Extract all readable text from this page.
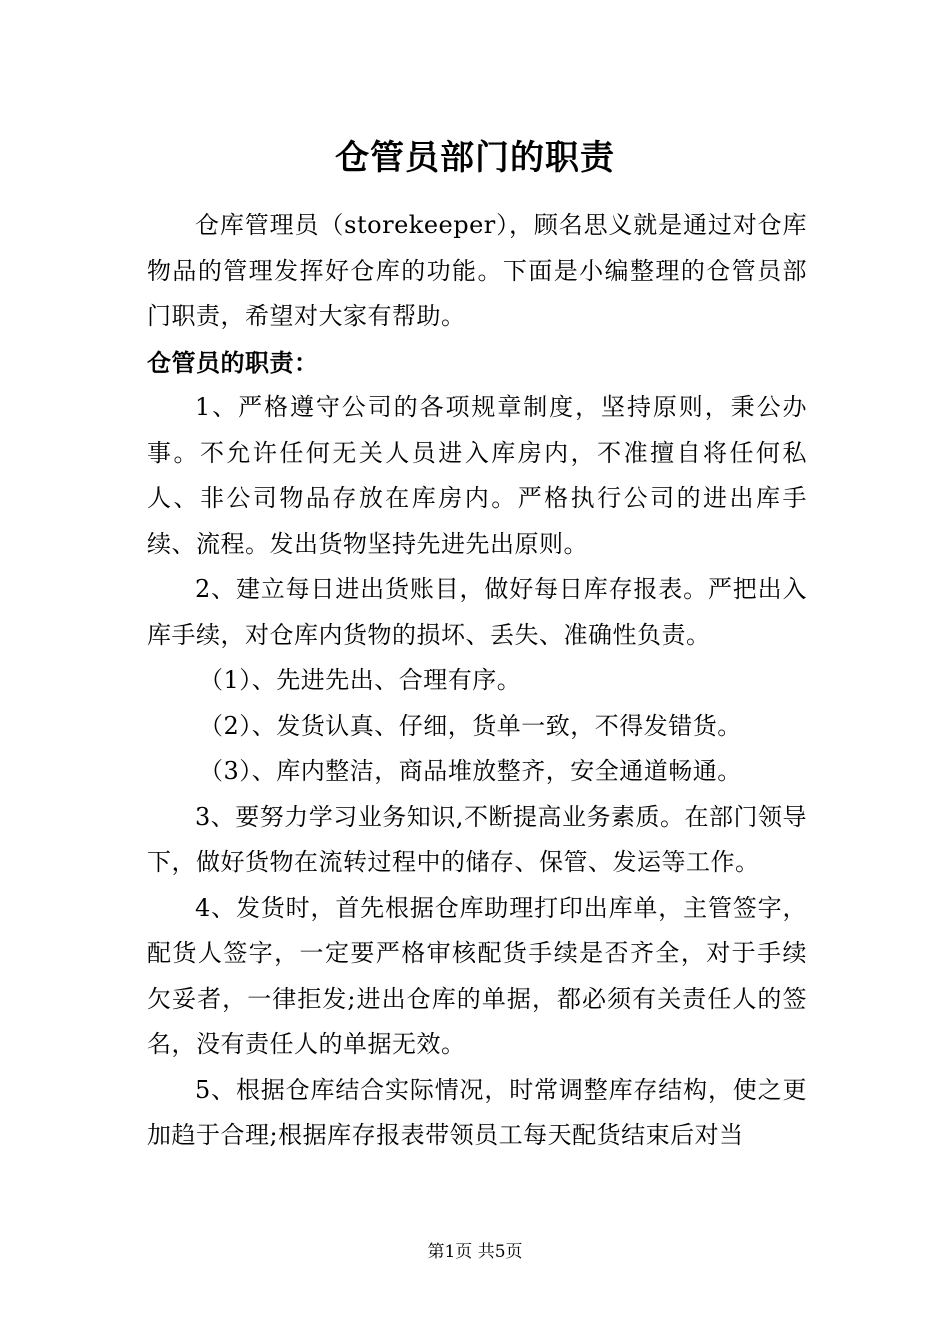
仓管员部门的职责

仓库管理员（storekeeper），顾名思义就是通过对仓库物品的管理发挥好仓库的功能。下面是小编整理的仓管员部门职责，希望对大家有帮助。

仓管员的职责：

1、严格遵守公司的各项规章制度，坚持原则，秉公办事。不允许任何无关人员进入库房内，不准擅自将任何私人、非公司物品存放在库房内。严格执行公司的进出库手续、流程。发出货物坚持先进先出原则。

2、建立每日进出货账目，做好每日库存报表。严把出入库手续，对仓库内货物的损坏、丢失、准确性负责。

（1）、先进先出、合理有序。

（2）、发货认真、仔细，货单一致，不得发错货。

（3）、库内整洁，商品堆放整齐，安全通道畅通。

3、要努力学习业务知识,不断提高业务素质。在部门领导下，做好货物在流转过程中的储存、保管、发运等工作。

4、发货时，首先根据仓库助理打印出库单，主管签字，配货人签字，一定要严格审核配货手续是否齐全，对于手续欠妥者，一律拒发;进出仓库的单据，都必须有关责任人的签名，没有责任人的单据无效。

5、根据仓库结合实际情况，时常调整库存结构，使之更加趋于合理;根据库存报表带领员工每天配货结束后对当

第1页 共5页
